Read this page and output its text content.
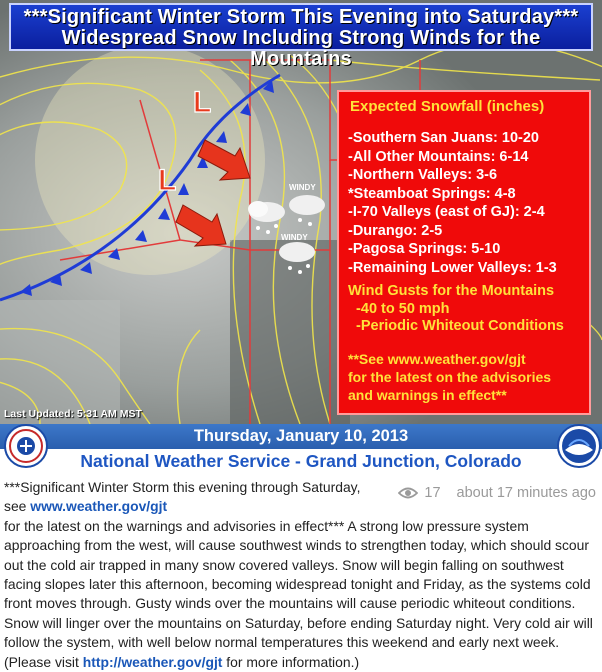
L
L	WINDY
WINDY
***Significant Winter Storm This Evening into Saturday***
Widespread Snow Including Strong Winds for the Mountains
Expected Snowfall (inches)
-Southern San Juans: 10-20
-All Other Mountains: 6-14
-Northern Valleys: 3-6
*Steamboat Springs: 4-8
-I-70 Valleys (east of GJ): 2-4
-Durango: 2-5
-Pagosa Springs: 5-10
-Remaining Lower Valleys: 1-3
Wind Gusts for the Mountains
-40 to 50 mph
-Periodic Whiteout Conditions
**See www.weather.gov/gjt
for the latest on the advisories
and warnings in effect**
Last Updated: 5:31 AM MST
Thursday, January 10, 2013
National Weather Service - Grand Junction, Colorado
17 about 17 minutes ago
***Significant Winter Storm this evening through Saturday, see www.weather.gov/gjt
for the latest on the warnings and advisories in effect*** A strong low pressure system approaching from the west, will cause southwest winds to strengthen today, which should scour out the cold air trapped in many snow covered valleys. Snow will begin falling on southwest facing slopes later this afternoon, becoming widespread tonight and Friday, as the systems cold front moves through. Gusty winds over the mountains will cause periodic whiteout conditions. Snow will linger over the mountains on Saturday, before ending Saturday night. Very cold air will follow the system, with well below normal temperatures this weekend and early next week. (Please visit http://weather.gov/gjt for more information.)
